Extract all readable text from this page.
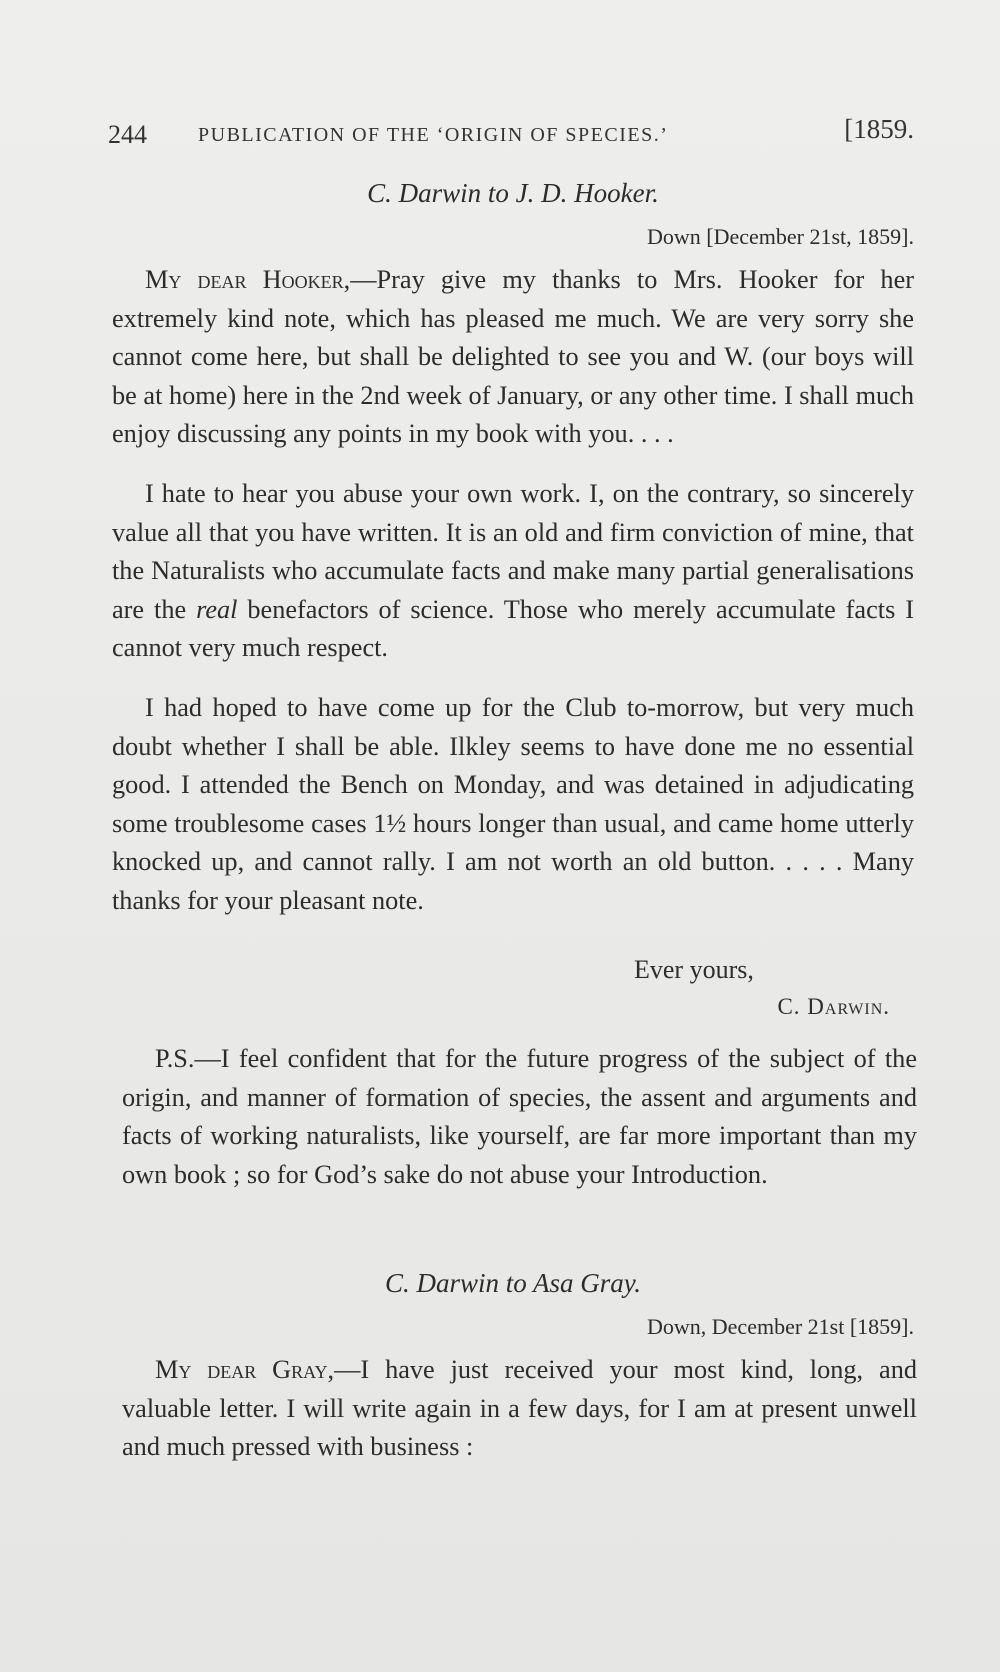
244	PUBLICATION OF THE ‘ORIGIN OF SPECIES.’	[1859.
C. Darwin to J. D. Hooker.
Down [December 21st, 1859].

My dear Hooker,—Pray give my thanks to Mrs. Hooker for her extremely kind note, which has pleased me much. We are very sorry she cannot come here, but shall be delighted to see you and W. (our boys will be at home) here in the 2nd week of January, or any other time. I shall much enjoy discussing any points in my book with you. . . .

I hate to hear you abuse your own work. I, on the contrary, so sincerely value all that you have written. It is an old and firm conviction of mine, that the Naturalists who accumulate facts and make many partial generalisations are the real benefactors of science. Those who merely accumulate facts I cannot very much respect.

I had hoped to have come up for the Club to-morrow, but very much doubt whether I shall be able. Ilkley seems to have done me no essential good. I attended the Bench on Monday, and was detained in adjudicating some troublesome cases 1½ hours longer than usual, and came home utterly knocked up, and cannot rally. I am not worth an old button. . . . . Many thanks for your pleasant note.

Ever yours,
C. Darwin.

P.S.—I feel confident that for the future progress of the subject of the origin, and manner of formation of species, the assent and arguments and facts of working naturalists, like yourself, are far more important than my own book ; so for God’s sake do not abuse your Introduction.

C. Darwin to Asa Gray.
Down, December 21st [1859].

My dear Gray,—I have just received your most kind, long, and valuable letter. I will write again in a few days, for I am at present unwell and much pressed with business :
